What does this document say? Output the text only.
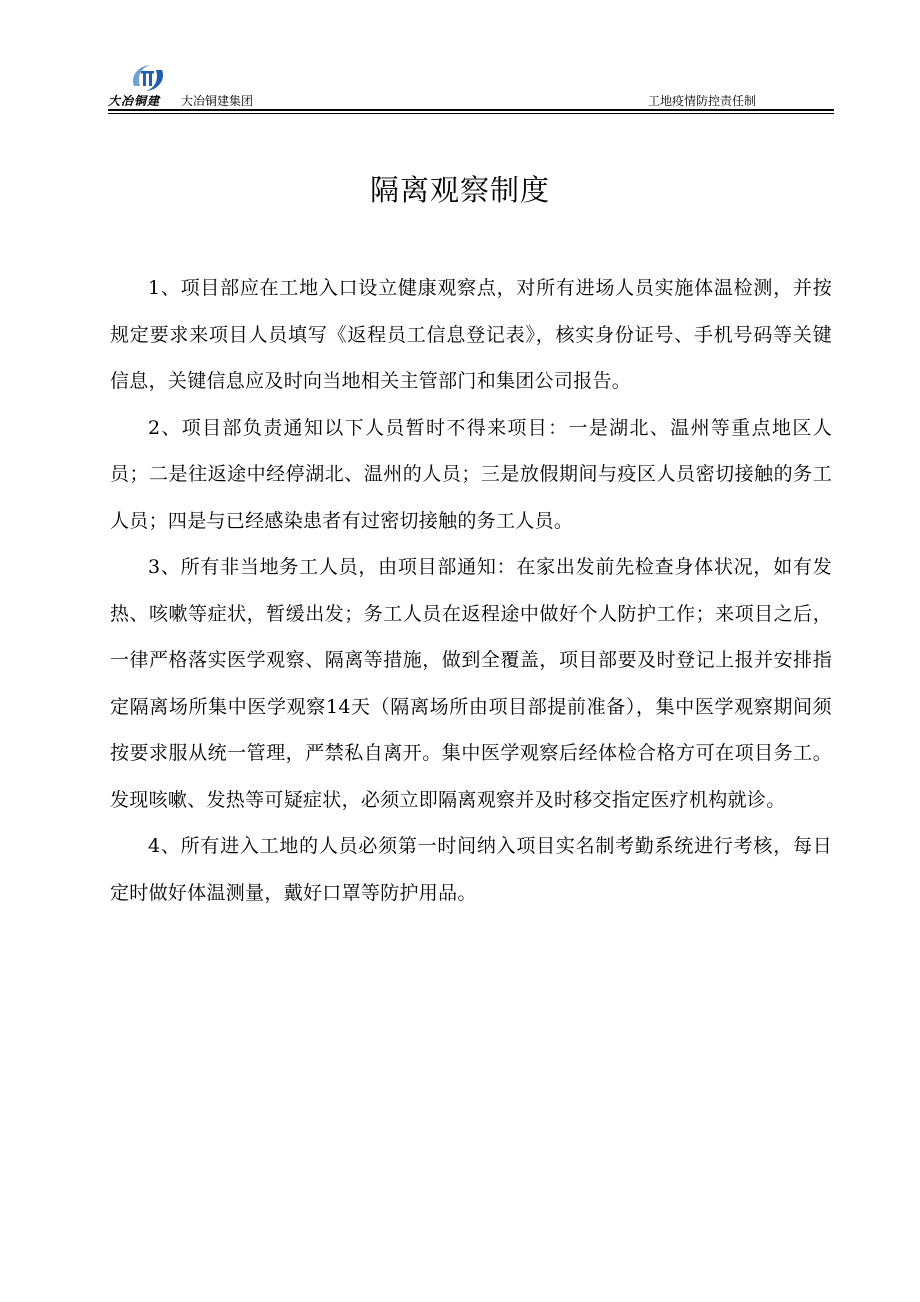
大冶铜建 大冶铜建集团	工地疫情防控责任制
隔离观察制度

1、项目部应在工地入口设立健康观察点，对所有进场人员实施体温检测，并按规定要求来项目人员填写《返程员工信息登记表》，核实身份证号、手机号码等关键信息，关键信息应及时向当地相关主管部门和集团公司报告。

2、项目部负责通知以下人员暂时不得来项目：一是湖北、温州等重点地区人员；二是往返途中经停湖北、温州的人员；三是放假期间与疫区人员密切接触的务工人员；四是与已经感染患者有过密切接触的务工人员。

3、所有非当地务工人员，由项目部通知：在家出发前先检查身体状况，如有发热、咳嗽等症状，暂缓出发；务工人员在返程途中做好个人防护工作；来项目之后，一律严格落实医学观察、隔离等措施，做到全覆盖，项目部要及时登记上报并安排指定隔离场所集中医学观察14天（隔离场所由项目部提前准备），集中医学观察期间须按要求服从统一管理，严禁私自离开。集中医学观察后经体检合格方可在项目务工。发现咳嗽、发热等可疑症状，必须立即隔离观察并及时移交指定医疗机构就诊。

4、所有进入工地的人员必须第一时间纳入项目实名制考勤系统进行考核，每日定时做好体温测量，戴好口罩等防护用品。
